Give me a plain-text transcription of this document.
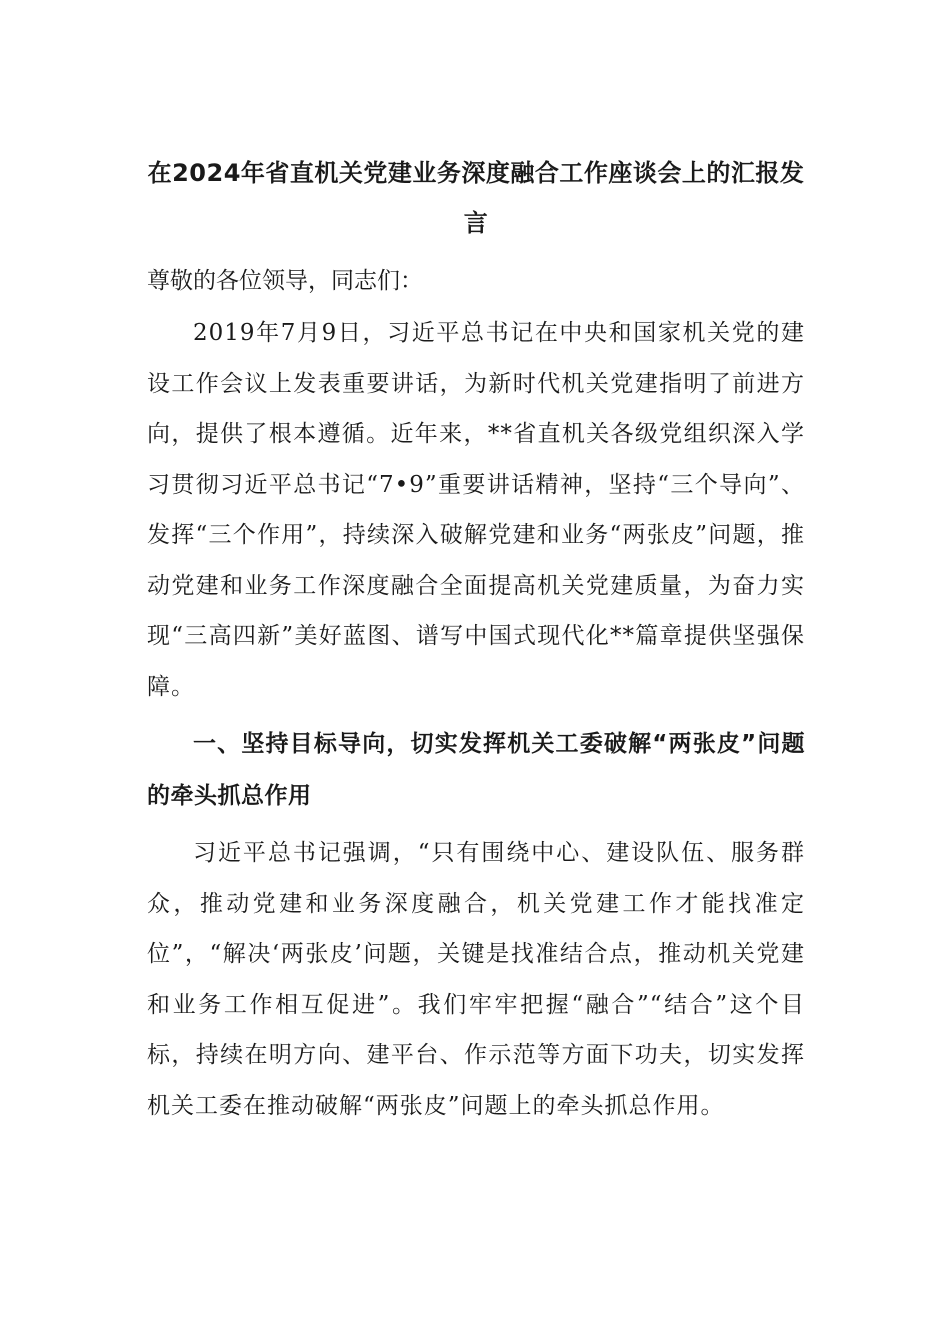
在2024年省直机关党建业务深度融合工作座谈会上的汇报发言

尊敬的各位领导，同志们：

2019年7月9日，习近平总书记在中央和国家机关党的建设工作会议上发表重要讲话，为新时代机关党建指明了前进方向，提供了根本遵循。近年来，**省直机关各级党组织深入学习贯彻习近平总书记“7•9”重要讲话精神，坚持“三个导向”、发挥“三个作用”，持续深入破解党建和业务“两张皮”问题，推动党建和业务工作深度融合全面提高机关党建质量，为奋力实现“三高四新”美好蓝图、谱写中国式现代化**篇章提供坚强保障。

一、坚持目标导向，切实发挥机关工委破解“两张皮”问题的牵头抓总作用

习近平总书记强调，“只有围绕中心、建设队伍、服务群众，推动党建和业务深度融合，机关党建工作才能找准定位”，“解决‘两张皮’问题，关键是找准结合点，推动机关党建和业务工作相互促进”。我们牢牢把握“融合”“结合”这个目标，持续在明方向、建平台、作示范等方面下功夫，切实发挥机关工委在推动破解“两张皮”问题上的牵头抓总作用。
